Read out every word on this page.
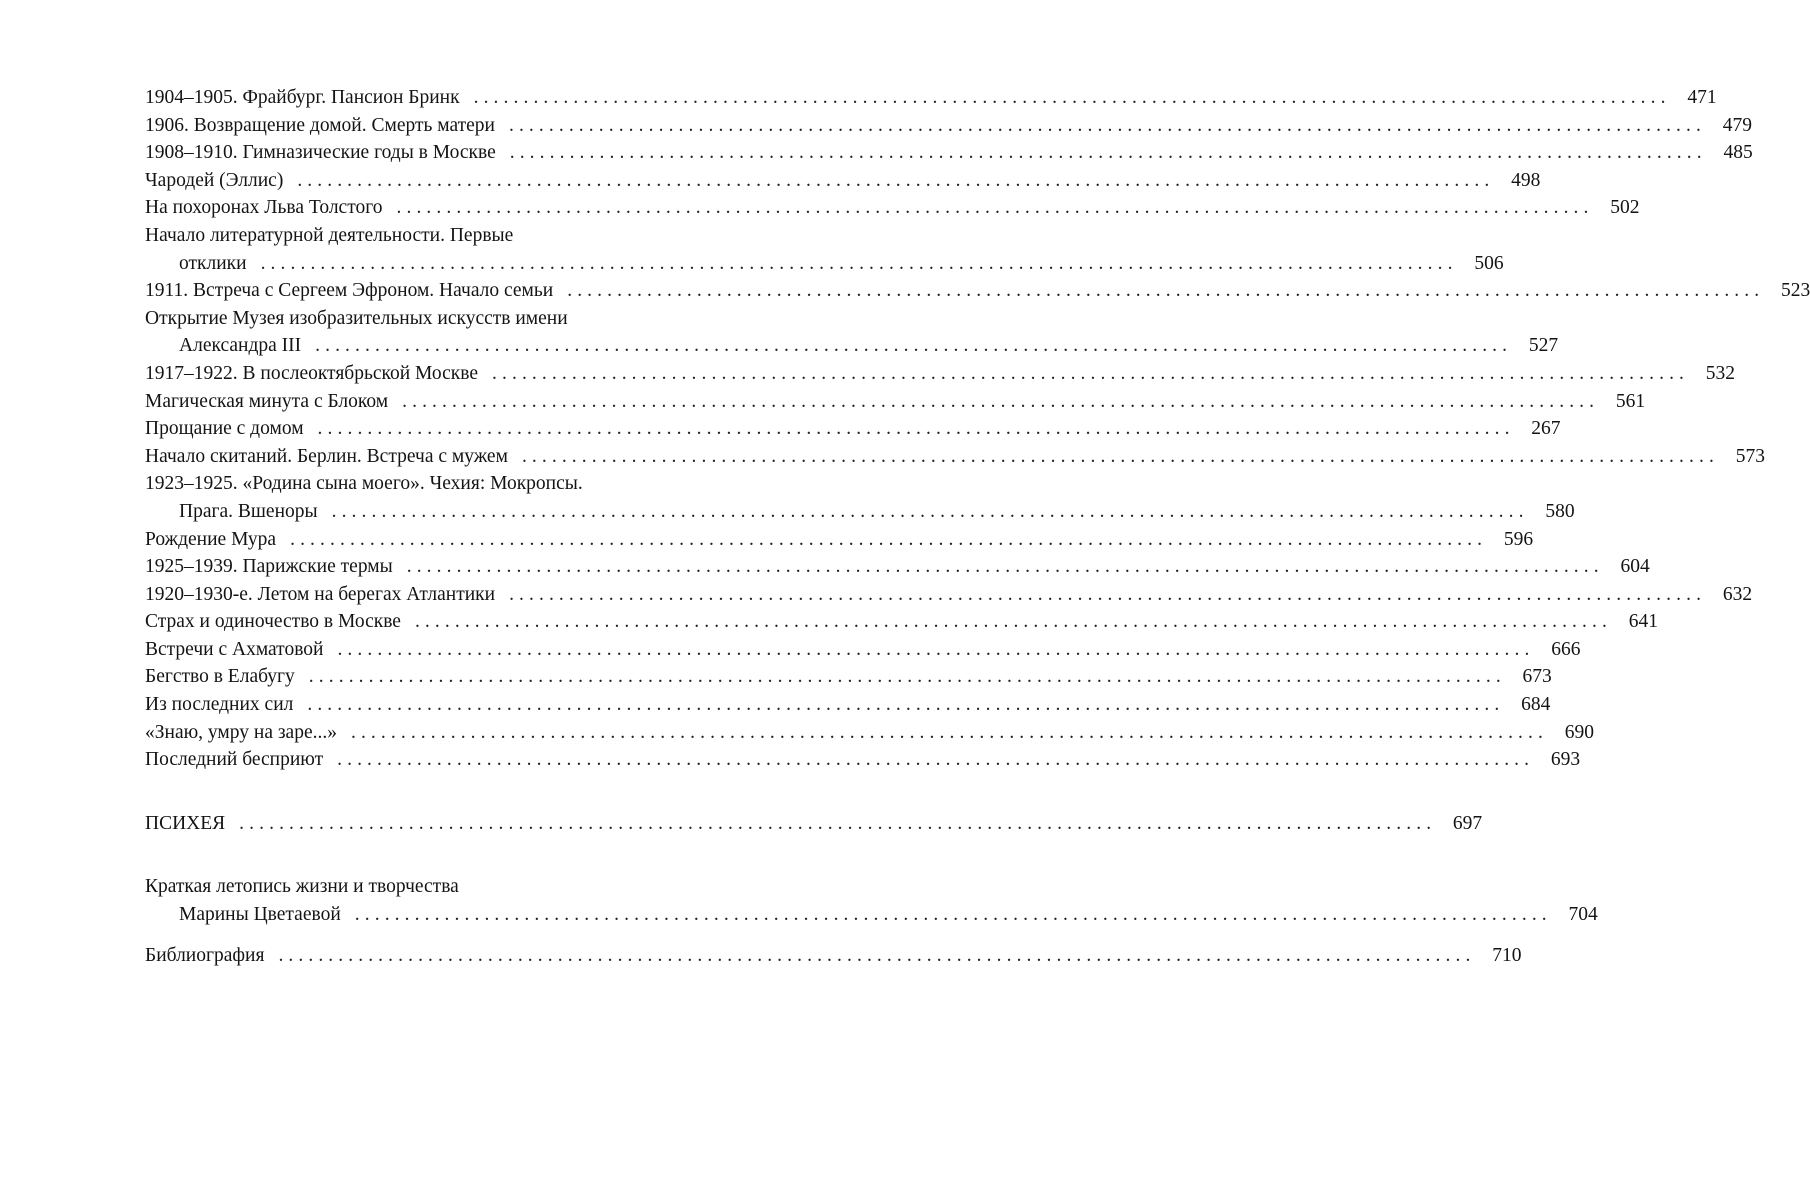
1904–1905. Фрайбург. Пансион Бринк ........................................................................................................................ 471
1906. Возвращение домой. Смерть матери ........................................................................................................................ 479
1908–1910. Гимназические годы в Москве ........................................................................................................................ 485
Чародей (Эллис) ........................................................................................................................ 498
На похоронах Льва Толстого ........................................................................................................................ 502
Начало литературной деятельности. Первые
отклики ........................................................................................................................ 506
1911. Встреча с Сергеем Эфроном. Начало семьи ........................................................................................................................ 523
Открытие Музея изобразительных искусств имени
Александра III ........................................................................................................................ 527
1917–1922. В послеоктябрьской Москве ........................................................................................................................ 532
Магическая минута с Блоком ........................................................................................................................ 561
Прощание с домом ........................................................................................................................ 267
Начало скитаний. Берлин. Встреча с мужем ........................................................................................................................ 573
1923–1925. «Родина сына моего». Чехия: Мокропсы.
Прага. Вшеноры ........................................................................................................................ 580
Рождение Мура ........................................................................................................................ 596
1925–1939. Парижские термы ........................................................................................................................ 604
1920–1930-е. Летом на берегах Атлантики ........................................................................................................................ 632
Страх и одиночество в Москве ........................................................................................................................ 641
Встречи с Ахматовой ........................................................................................................................ 666
Бегство в Елабугу ........................................................................................................................ 673
Из последних сил ........................................................................................................................ 684
«Знаю, умру на заре...» ........................................................................................................................ 690
Последний бесприют ........................................................................................................................ 693
ПСИХЕЯ ........................................................................................................................ 697
Краткая летопись жизни и творчества
Марины Цветаевой ........................................................................................................................ 704
Библиография ........................................................................................................................ 710
